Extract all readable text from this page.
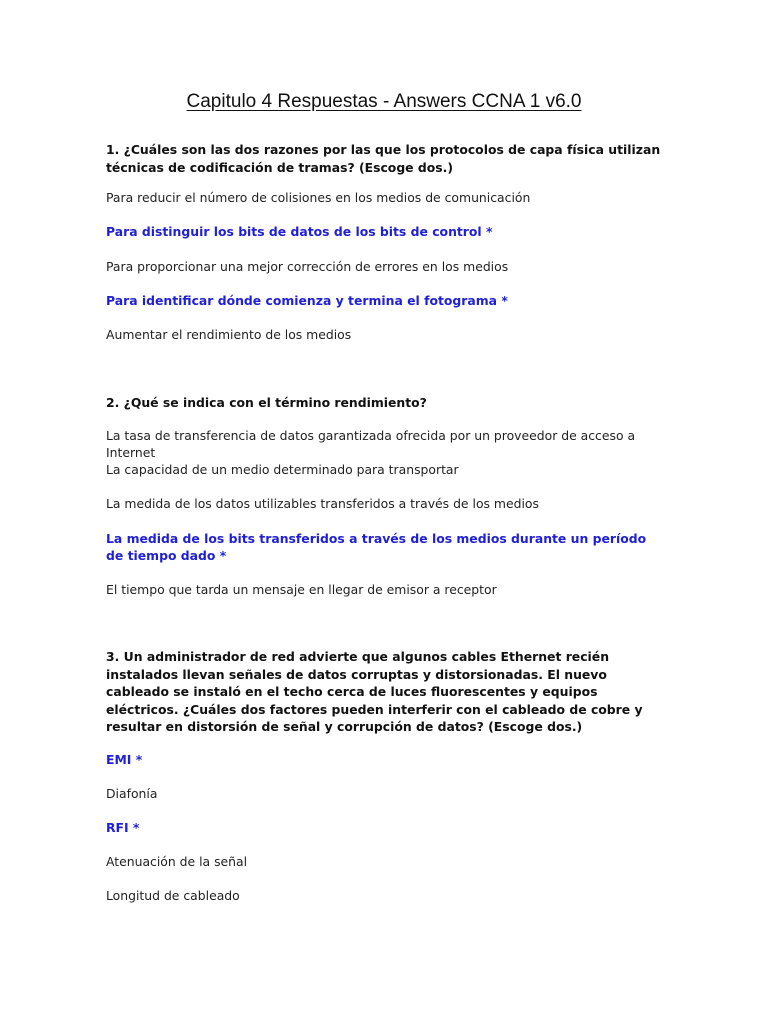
Capitulo 4 Respuestas - Answers CCNA 1 v6.0
1. ¿Cuáles son las dos razones por las que los protocolos de capa física utilizan técnicas de codificación de tramas? (Escoge dos.)
Para reducir el número de colisiones en los medios de comunicación
Para distinguir los bits de datos de los bits de control *
Para proporcionar una mejor corrección de errores en los medios
Para identificar dónde comienza y termina el fotograma *
Aumentar el rendimiento de los medios
2. ¿Qué se indica con el término rendimiento?
La tasa de transferencia de datos garantizada ofrecida por un proveedor de acceso a Internet
La capacidad de un medio determinado para transportar
La medida de los datos utilizables transferidos a través de los medios
La medida de los bits transferidos a través de los medios durante un período de tiempo dado *
El tiempo que tarda un mensaje en llegar de emisor a receptor
3. Un administrador de red advierte que algunos cables Ethernet recién instalados llevan señales de datos corruptas y distorsionadas. El nuevo cableado se instaló en el techo cerca de luces fluorescentes y equipos eléctricos. ¿Cuáles dos factores pueden interferir con el cableado de cobre y resultar en distorsión de señal y corrupción de datos? (Escoge dos.)
EMI *
Diafonía
RFI *
Atenuación de la señal
Longitud de cableado
